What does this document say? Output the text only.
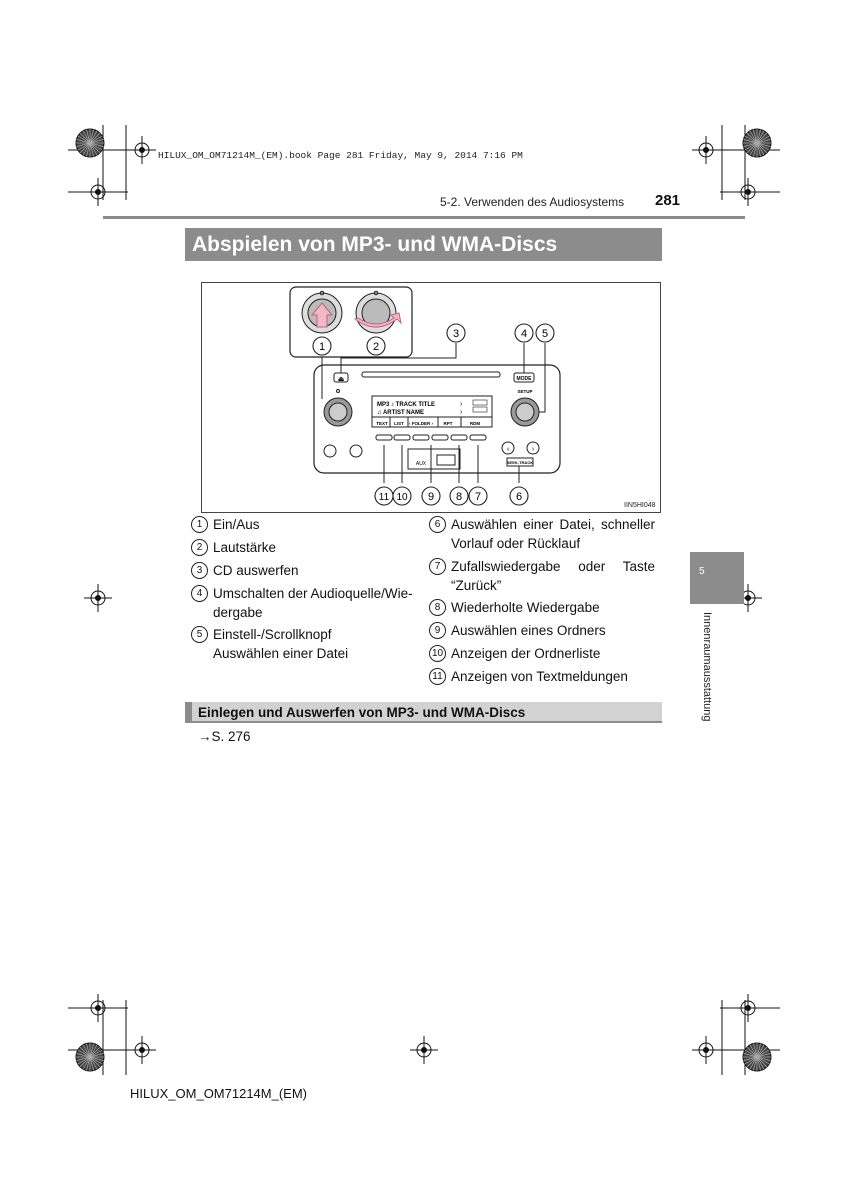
HILUX_OM_OM71214M_(EM).book Page 281 Friday, May 9, 2014 7:16 PM
5-2. Verwenden des Audiosystems 281
Abspielen von MP3- und WMA-Discs
⏏	MODE
SETUP
MP3 ♪ TRACK TITLE
♫ ARTIST NAME
›
›
TEXT LIST ‹ FOLDER › RPT	RDM
AUX
‹	›
SEEK-TRACK
1	2
3	4 5
6
7
8
9
10
11
IIN5HI048
1 Ein/Aus
2 Lautstärke
3 CD auswerfen
4 Umschalten der Audioquelle/Wie-
dergabe
5 Einstell-/Scrollknopf
Auswählen einer Datei
6 Auswählen einer Datei, schneller
Vorlauf oder Rücklauf
7 Zufallswiedergabe oder Taste
“Zurück”
8 Wiederholte Wiedergabe
9 Auswählen eines Ordners
10 Anzeigen der Ordnerliste
11 Anzeigen von Textmeldungen
Einlegen und Auswerfen von MP3- und WMA-Discs
→S. 276
5
Innenraumausstattung
HILUX_OM_OM71214M_(EM)
